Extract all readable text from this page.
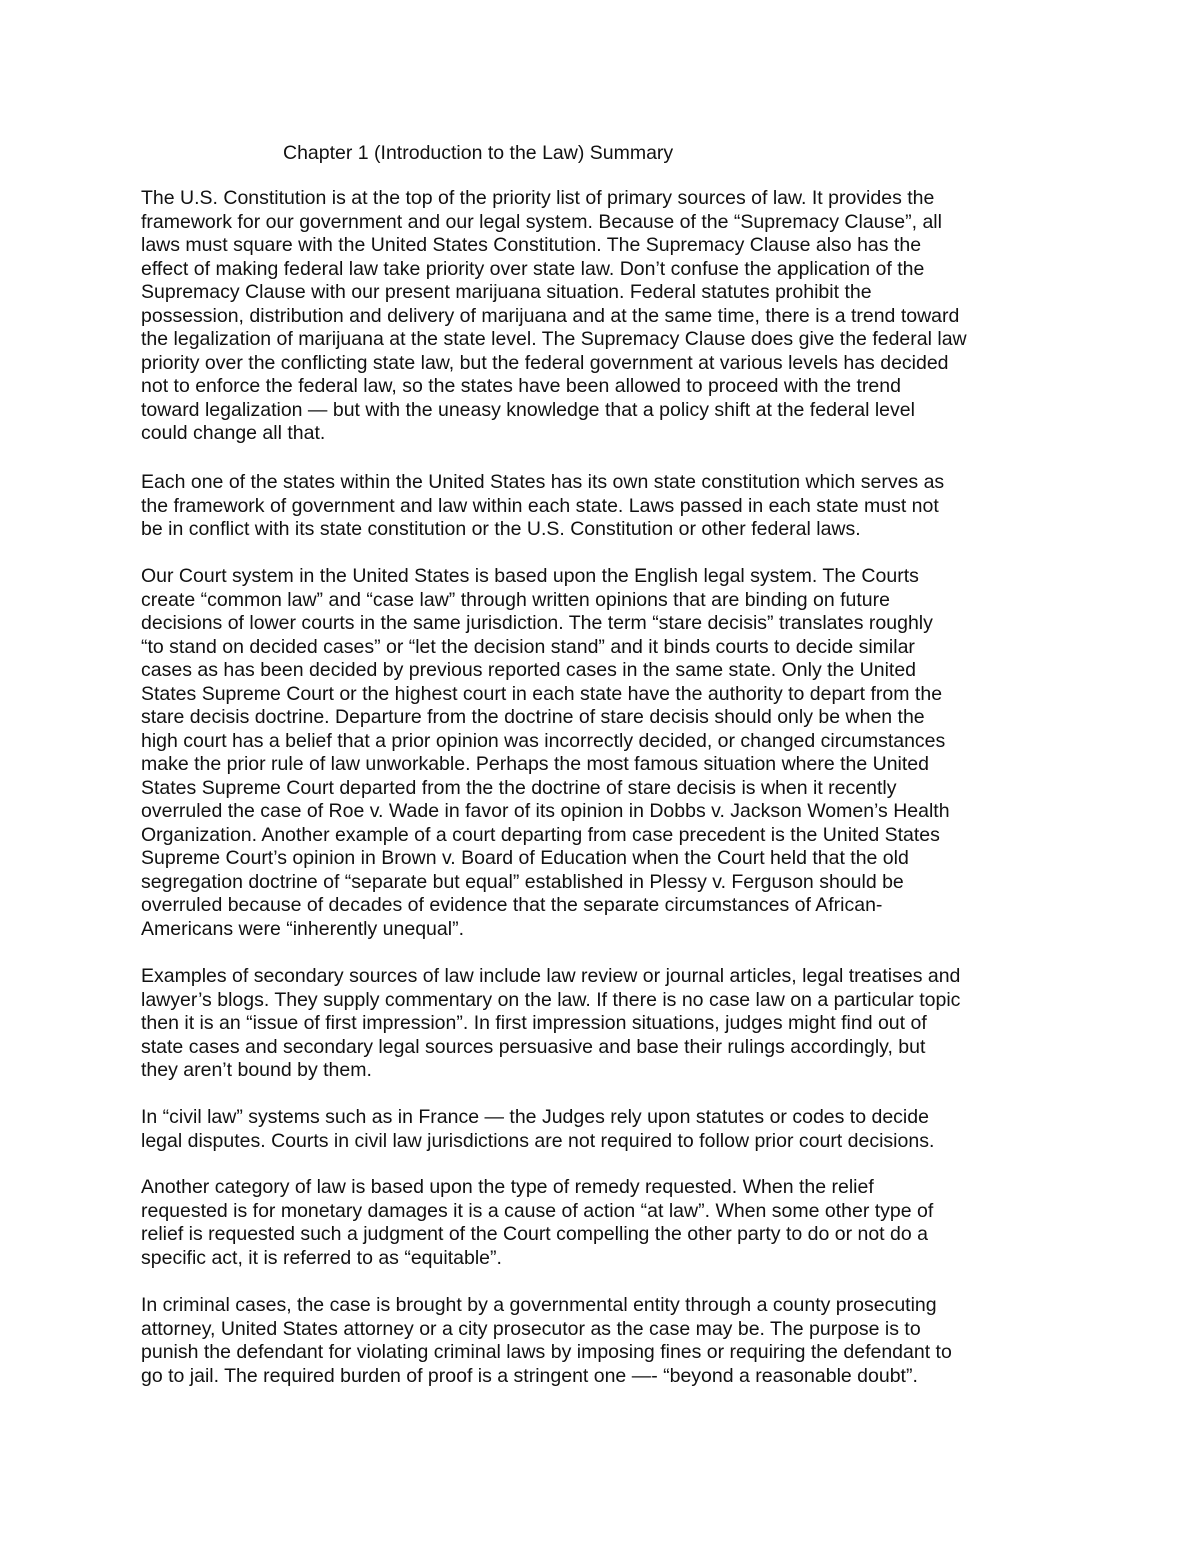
Chapter 1 (Introduction to the Law) Summary

The U.S. Constitution is at the top of the priority list of primary sources of law. It provides the
framework for our government and our legal system. Because of the “Supremacy Clause”, all
laws must square with the United States Constitution. The Supremacy Clause also has the
effect of making federal law take priority over state law. Don’t confuse the application of the
Supremacy Clause with our present marijuana situation. Federal statutes prohibit the
possession, distribution and delivery of marijuana and at the same time, there is a trend toward
the legalization of marijuana at the state level. The Supremacy Clause does give the federal law
priority over the conflicting state law, but the federal government at various levels has decided
not to enforce the federal law, so the states have been allowed to proceed with the trend
toward legalization — but with the uneasy knowledge that a policy shift at the federal level
could change all that.

Each one of the states within the United States has its own state constitution which serves as
the framework of government and law within each state. Laws passed in each state must not
be in conflict with its state constitution or the U.S. Constitution or other federal laws.

Our Court system in the United States is based upon the English legal system. The Courts
create “common law” and “case law” through written opinions that are binding on future
decisions of lower courts in the same jurisdiction. The term “stare decisis” translates roughly
“to stand on decided cases” or “let the decision stand” and it binds courts to decide similar
cases as has been decided by previous reported cases in the same state. Only the United
States Supreme Court or the highest court in each state have the authority to depart from the
stare decisis doctrine. Departure from the doctrine of stare decisis should only be when the
high court has a belief that a prior opinion was incorrectly decided, or changed circumstances
make the prior rule of law unworkable. Perhaps the most famous situation where the United
States Supreme Court departed from the the doctrine of stare decisis is when it recently
overruled the case of Roe v. Wade in favor of its opinion in Dobbs v. Jackson Women’s Health
Organization. Another example of a court departing from case precedent is the United States
Supreme Court’s opinion in Brown v. Board of Education when the Court held that the old
segregation doctrine of “separate but equal” established in Plessy v. Ferguson should be
overruled because of decades of evidence that the separate circumstances of African-
Americans were “inherently unequal”.

Examples of secondary sources of law include law review or journal articles, legal treatises and
lawyer’s blogs. They supply commentary on the law. If there is no case law on a particular topic
then it is an “issue of first impression”. In first impression situations, judges might find out of
state cases and secondary legal sources persuasive and base their rulings accordingly, but
they aren’t bound by them.

In “civil law” systems such as in France — the Judges rely upon statutes or codes to decide
legal disputes. Courts in civil law jurisdictions are not required to follow prior court decisions.

Another category of law is based upon the type of remedy requested. When the relief
requested is for monetary damages it is a cause of action “at law”. When some other type of
relief is requested such a judgment of the Court compelling the other party to do or not do a
specific act, it is referred to as “equitable”.

In criminal cases, the case is brought by a governmental entity through a county prosecuting
attorney, United States attorney or a city prosecutor as the case may be. The purpose is to
punish the defendant for violating criminal laws by imposing fines or requiring the defendant to
go to jail. The required burden of proof is a stringent one —- “beyond a reasonable doubt”.
